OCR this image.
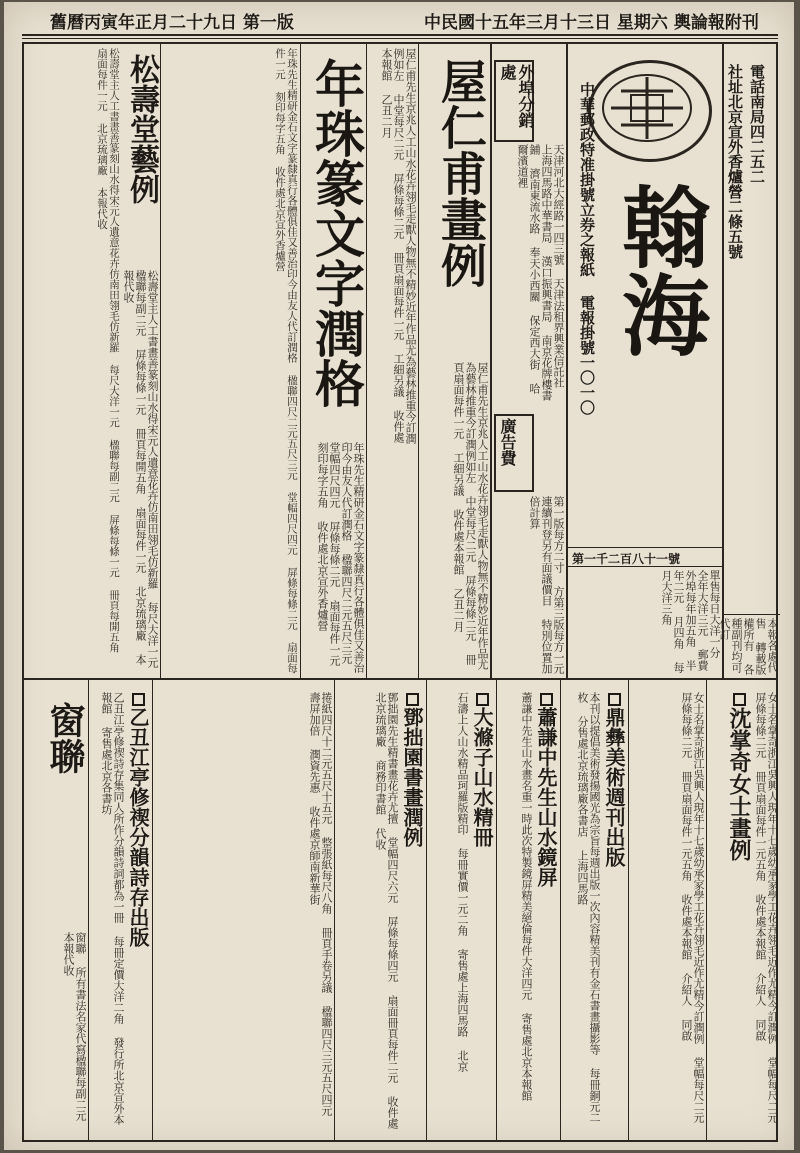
舊曆丙寅年正月二十九日 第一版	中民國十五年三月十三日 星期六 輿論報附刊
社址北京宣外香爐營二條五號 電話南局四二五二
中華郵政特准掛號立券之報紙 電報掛號一〇一〇 翰海
第一千二百八十一號
單售每日大洋一分 全年大洋三元 郵費外埠每年加五角 半年二元 月四角 每月大洋三角
本報各處代售 轉載版權所有 各種副刊均可代訂
外埠分銷處
天津河北大經路一四三號 天津法租界興業信託社 上海四馬路中華書局 漢口振興書局 南京花牌樓書鋪 濟南東流水路 奉天小西關 保定西大街 哈爾濱道裡
廣告費
第一版每方二寸 方第三版每方一元 連續刊登另有面議價目 特別位置加倍計算
屋仁甫畫例
屋仁甫先生京兆人工山水花卉翎毛走獸人物無不精妙近年作品尤為藝林推重今訂潤例如左 中堂每尺二元 屏條每條二元 冊頁扇面每件一元 工細另議 收件處本報館 乙丑二月
屋仁甫先生京兆人工山水花卉翎毛走獸人物無不精妙近年作品尤為藝林推重今訂潤例如左 中堂每尺二元 屏條每條二元 冊頁扇面每件一元 工細另議 收件處本報館 乙丑二月
年珠篆文字潤格
年珠先生精研金石文字篆隸真行各體俱佳又善治印今由友人代訂潤格 楹聯四尺二元五尺三元 堂幅四尺四元 屏條每條二元 扇面每件一元 刻印每字五角 收件處北京宣外香爐營
年珠先生精研金石文字篆隸真行各體俱佳又善治印今由友人代訂潤格 楹聯四尺二元五尺三元 堂幅四尺四元 屏條每條二元 扇面每件一元 刻印每字五角 收件處北京宣外香爐營
松壽堂藝例
松壽堂主人工書畫善篆刻山水得宋元人遺意花卉仿南田翎毛仿新羅 每尺大洋一元 楹聯每副二元 屏條每條一元 冊頁每開五角 扇面每件一元 北京琉璃廠 本報代收
松壽堂主人工書畫善篆刻山水得宋元人遺意花卉仿南田翎毛仿新羅 每尺大洋一元 楹聯每副二元 屏條每條一元 冊頁每開五角 扇面每件一元 北京琉璃廠 本報代收
沈掌奇女士畫例	女士名掌奇浙江吳興人現年十七歲幼承家學工花卉翎毛近作尤精今訂潤例 堂幅每尺二元 屏條每條二元 冊頁扇面每件一元五角 收件處本報館 介紹人 同啟
女士名掌奇浙江吳興人現年十七歲幼承家學工花卉翎毛近作尤精今訂潤例 堂幅每尺二元 屏條每條二元 冊頁扇面每件一元五角 收件處本報館 介紹人 同啟
鼎彝美術週刊出版
本刊以提倡美術發揚國光為宗旨每週出版一次內容精美刊有金石書畫攝影等 每冊銅元二枚 分售處北京琉璃廠各書店 上海四馬路
蕭謙中先生山水鏡屏
蕭謙中先生山水畫名重一時此次特製鏡屏精美絕倫每件大洋四元 寄售處北京本報館
大滌子山水精冊
石濤上人山水精品珂羅版精印 每冊實價一元二角 寄售處上海四馬路 北京
鄧拙園書畫潤例
鄧拙園先生精書畫花卉尤擅 堂幅四尺六元 屏條每條四元 扇面冊頁每件二元 收件處北京琉璃廠 商務印書館 代收
捲紙四尺十二元五尺十五元 整張紙每尺八角 冊頁手卷另議 楹聯四尺三元五尺四元 壽屏加倍 潤資先惠 收件處京師南新華街
乙丑江亭修禊分韻詩存出版
乙丑江亭修禊詩存集同人所作分韻詩詞都為一冊 每冊定價大洋二角 發行所北京宣外本報館 寄售處北京各書坊
窗聯
窗聯 所有書法名家代寫楹聯每副二元 本報代收
